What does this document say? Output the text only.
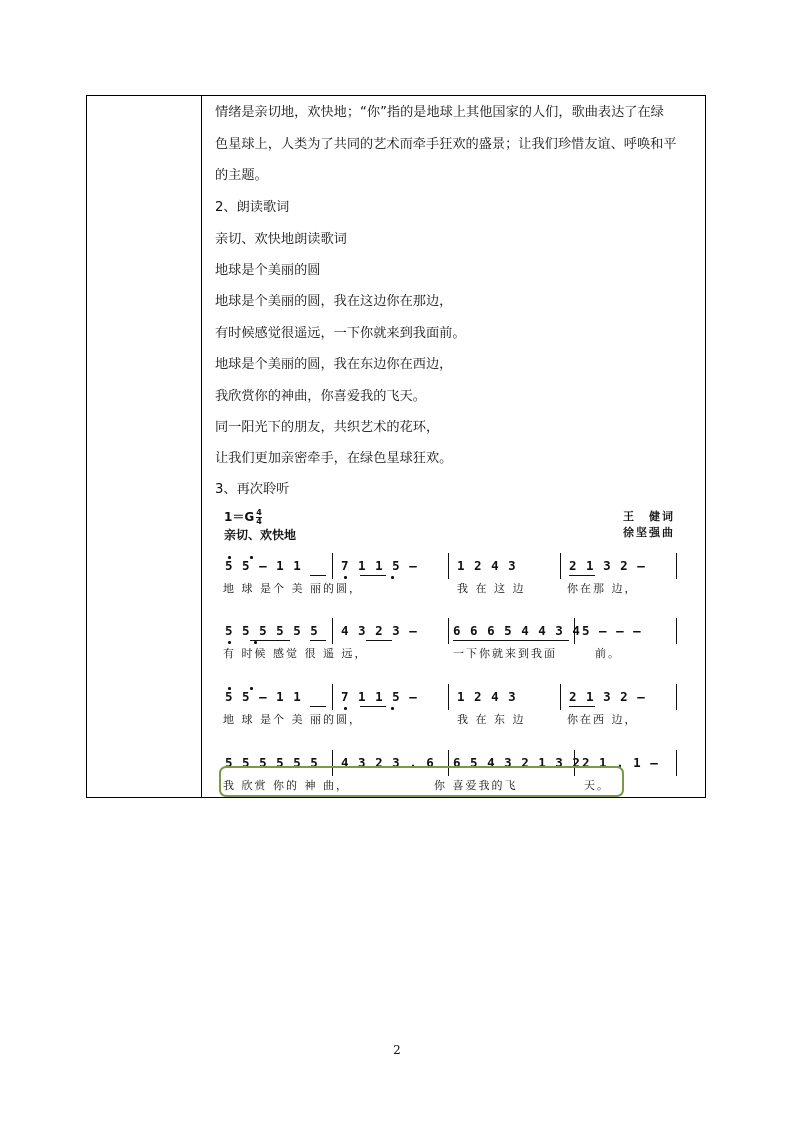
情绪是亲切地，欢快地；“你”指的是地球上其他国家的人们，歌曲表达了在绿
色星球上，人类为了共同的艺术而牵手狂欢的盛景；让我们珍惜友谊、呼唤和平
的主题。
2、朗读歌词
亲切、欢快地朗读歌词
地球是个美丽的圆
地球是个美丽的圆，我在这边你在那边，
有时候感觉很遥远，一下你就来到我面前。
地球是个美丽的圆，我在东边你在西边，
我欣赏你的神曲，你喜爱我的飞天。
同一阳光下的朋友，共织艺术的花环，
让我们更加亲密牵手，在绿色星球狂欢。
3、再次聆听
$1=G \frac{4}{4}$
亲切、欢快地
王　健词
徐坚强曲
5 5 – 1 1	7 1 1 5 –	1 2 4 3	2 1 3 2 –
地 球 是个 美 丽的圆，	我 在 这 边	你在那 边，
5 5 5 5 5 5 4 3 2 3 –	6 6 6 5 4 4 3 4 5 – – –
有 时候 感觉 很 遥 远，	一下你就来到我面	前。
5 5 – 1 1	7 1 1 5 –	1 2 4 3	2 1 3 2 –
地 球 是个 美 丽的圆，	我 在 东 边	你在西 边，
5 5 5 5 5 5 4 3 2 3 . 6 6 5 4 3 2 1 3 2 2 1 . 1 –
我 欣赏 你的 神 曲，	你 喜爱我的飞	天。
2
